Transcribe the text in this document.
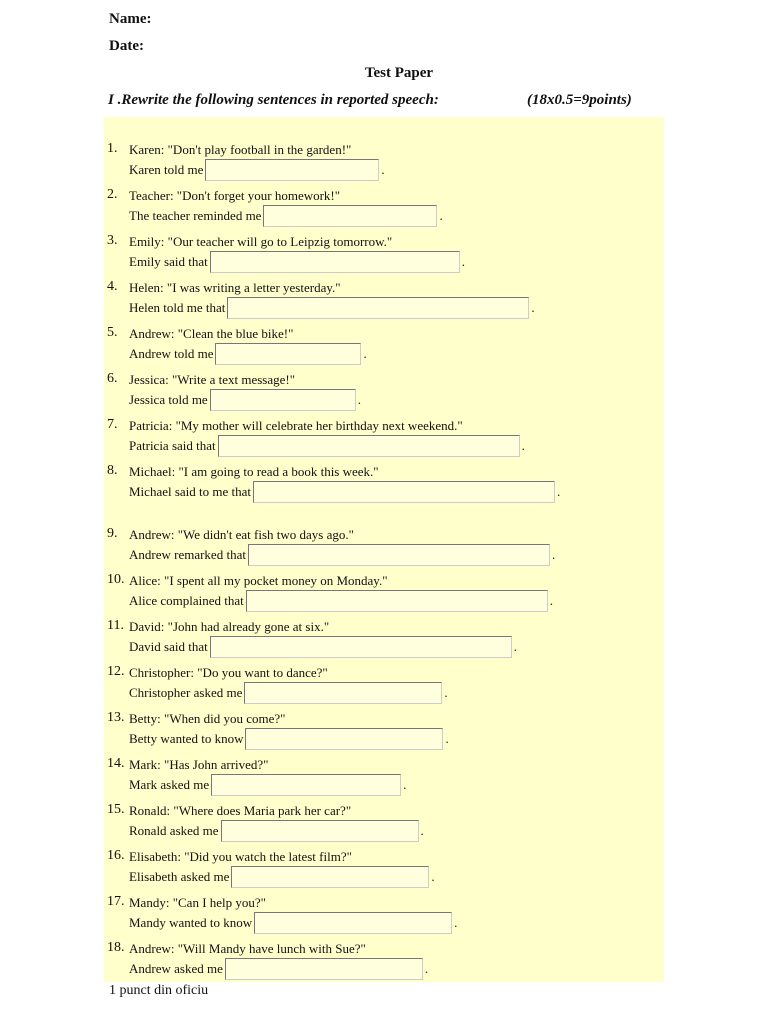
Name:
Date:
Test Paper
I .Rewrite the following sentences in reported speech:	(18x0.5=9points)
1. Karen: "Don't play football in the garden!"
Karen told me	.
2. Teacher: "Don't forget your homework!"
The teacher reminded me	.
3. Emily: "Our teacher will go to Leipzig tomorrow."
Emily said that	.
4. Helen: "I was writing a letter yesterday."
Helen told me that	.
5. Andrew: "Clean the blue bike!"
Andrew told me	.
6. Jessica: "Write a text message!"
Jessica told me	.
7. Patricia: "My mother will celebrate her birthday next weekend."
Patricia said that	.
8. Michael: "I am going to read a book this week."
Michael said to me that	.
9. Andrew: "We didn't eat fish two days ago."
Andrew remarked that	.
10. Alice: "I spent all my pocket money on Monday."
Alice complained that	.
11. David: "John had already gone at six."
David said that	.
12. Christopher: "Do you want to dance?"
Christopher asked me	.
13. Betty: "When did you come?"
Betty wanted to know	.
14. Mark: "Has John arrived?"
Mark asked me	.
15. Ronald: "Where does Maria park her car?"
Ronald asked me	.
16. Elisabeth: "Did you watch the latest film?"
Elisabeth asked me	.
17. Mandy: "Can I help you?"
Mandy wanted to know	.
18. Andrew: "Will Mandy have lunch with Sue?"
Andrew asked me	.
1 punct din oficiu
